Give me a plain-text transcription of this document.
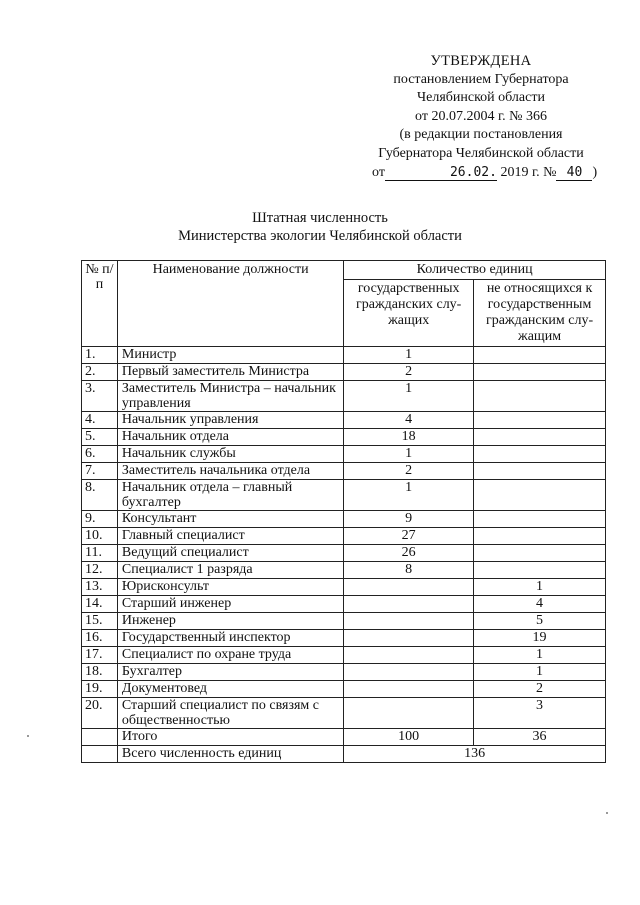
УТВЕРЖДЕНА
постановлением Губернатора
Челябинской области
от 20.07.2004 г. № 366
(в редакции постановления
Губернатора Челябинской области
от	26.02. 2019 г. № 40 )
Штатная численность
Министерства экологии Челябинской области
№ п/п	Наименование должности	Количество единиц	
		государственных гражданских слу-жащих	не относящихся к государственным гражданским слу-жащим
1.	Министр	1	
2.	Первый заместитель Министра	2	
3.	Заместитель Министра – начальник управления	1	
4.	Начальник управления	4	
5.	Начальник отдела	18	
6.	Начальник службы	1	
7.	Заместитель начальника отдела	2	
8.	Начальник отдела – главный бухгалтер	1	
9.	Консультант	9	
10.	Главный специалист	27	
11.	Ведущий специалист	26	
12.	Специалист 1 разряда	8	
13.	Юрисконсульт		1
14.	Старший инженер		4
15.	Инженер		5
16.	Государственный инспектор		19
17.	Специалист по охране труда		1
18.	Бухгалтер		1
19.	Документовед		2
20.	Старший специалист по связям с общественностью		3
	Итого	100	36
	Всего численность единиц	136	
